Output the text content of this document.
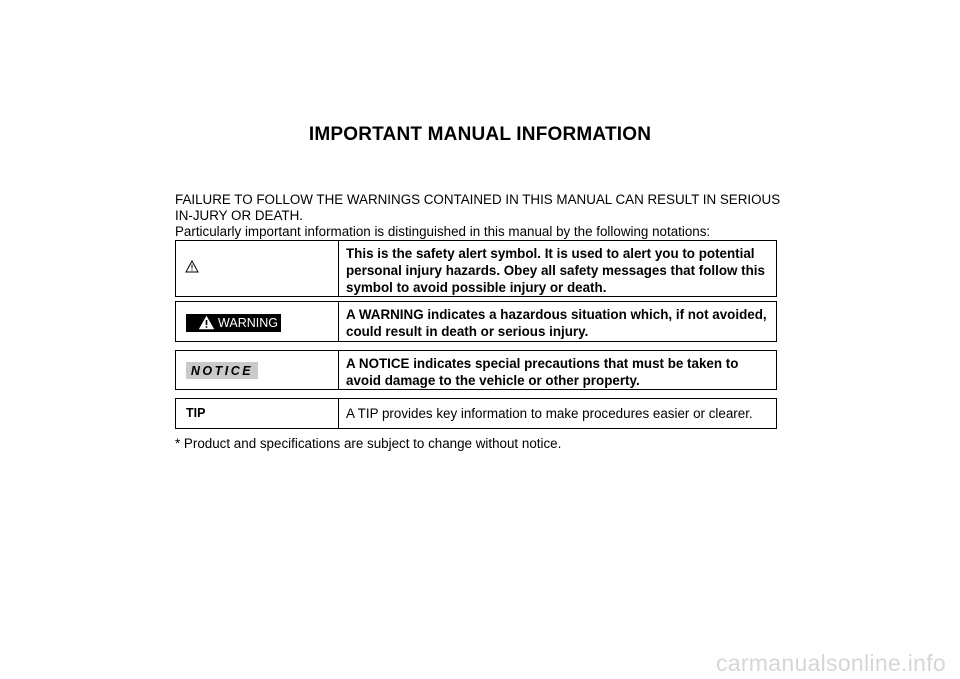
IMPORTANT MANUAL INFORMATION
FAILURE TO FOLLOW THE WARNINGS CONTAINED IN THIS MANUAL CAN RESULT IN SERIOUS IN-JURY OR DEATH.
Particularly important information is distinguished in this manual by the following notations:
This is the safety alert symbol. It is used to alert you to potential personal injury hazards. Obey all safety messages that follow this symbol to avoid possible injury or death.
WARNING
A WARNING indicates a hazardous situation which, if not avoided, could result in death or serious injury.
NOTICE	A NOTICE indicates special precautions that must be taken to avoid damage to the vehicle or other property.
TIP	A TIP provides key information to make procedures easier or clearer.
* Product and specifications are subject to change without notice.
carmanualsonline.info
